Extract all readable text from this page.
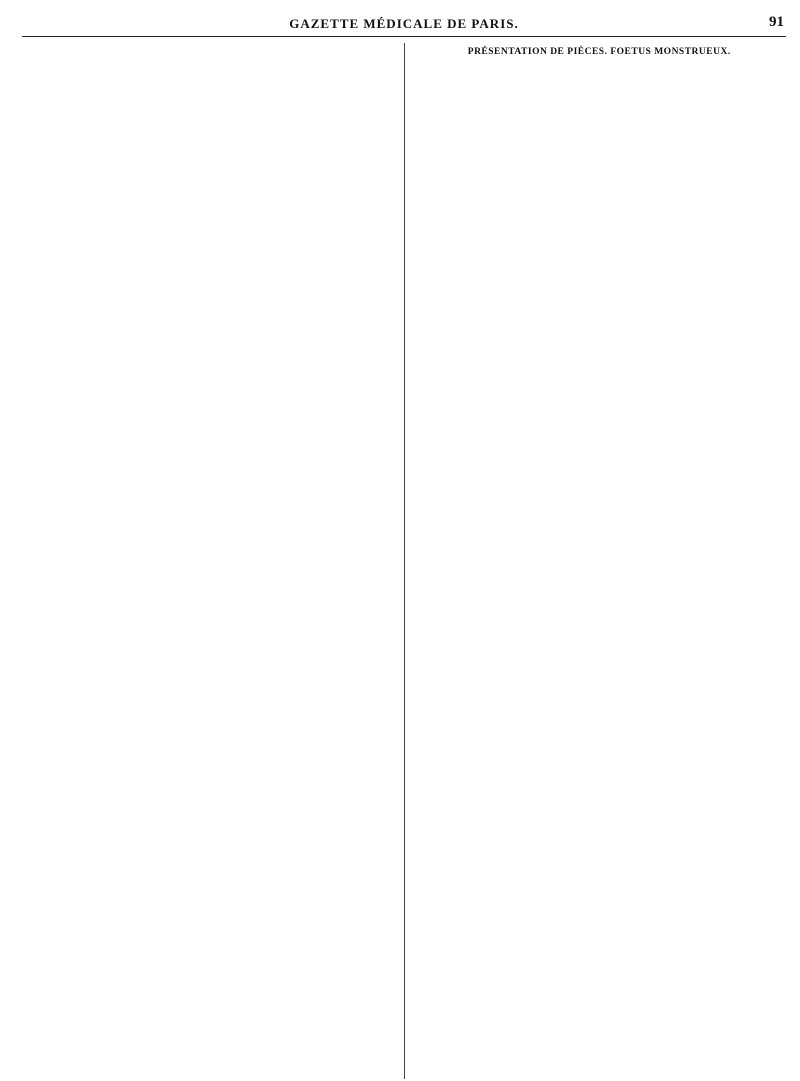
GAZETTE MÉDICALE DE PARIS.	91

PRÉSENTATION DE PIÈCES. FOETUS MONSTRUEUX.
